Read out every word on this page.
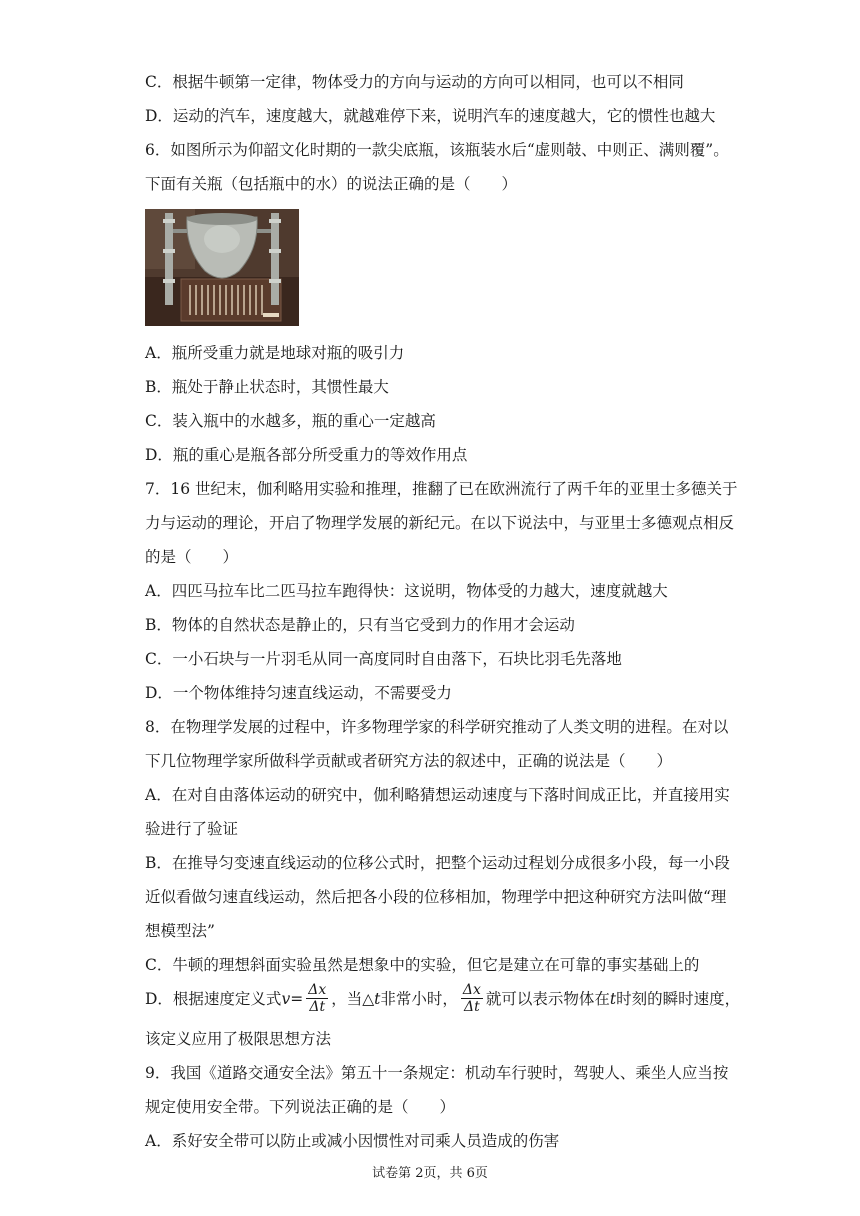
C．根据牛顿第一定律，物体受力的方向与运动的方向可以相同，也可以不相同
D．运动的汽车，速度越大，就越难停下来，说明汽车的速度越大，它的惯性也越大
6．如图所示为仰韶文化时期的一款尖底瓶，该瓶装水后“虚则攲、中则正、满则覆”。
下面有关瓶（包括瓶中的水）的说法正确的是（　　）
A．瓶所受重力就是地球对瓶的吸引力
B．瓶处于静止状态时，其惯性最大
C．装入瓶中的水越多，瓶的重心一定越高
D．瓶的重心是瓶各部分所受重力的等效作用点
7．16 世纪末，伽利略用实验和推理，推翻了已在欧洲流行了两千年的亚里士多德关于
力与运动的理论，开启了物理学发展的新纪元。在以下说法中，与亚里士多德观点相反
的是（　　）
A．四匹马拉车比二匹马拉车跑得快：这说明，物体受的力越大，速度就越大
B．物体的自然状态是静止的，只有当它受到力的作用才会运动
C．一小石块与一片羽毛从同一高度同时自由落下，石块比羽毛先落地
D．一个物体维持匀速直线运动，不需要受力
8．在物理学发展的过程中，许多物理学家的科学研究推动了人类文明的进程。在对以
下几位物理学家所做科学贡献或者研究方法的叙述中，正确的说法是（　　）
A．在对自由落体运动的研究中，伽利略猜想运动速度与下落时间成正比，并直接用实
验进行了验证
B．在推导匀变速直线运动的位移公式时，把整个运动过程划分成很多小段，每一小段
近似看做匀速直线运动，然后把各小段的位移相加，物理学中把这种研究方法叫做“理
想模型法”
C．牛顿的理想斜面实验虽然是想象中的实验，但它是建立在可靠的事实基础上的
D．根据速度定义式 $v = \frac{\Delta x}{\Delta t}$ ，当△ t 非常小时， $\frac{\Delta x}{\Delta t}$ 就可以表示物体在 t 时刻的瞬时速度，
该定义应用了极限思想方法
9．我国《道路交通安全法》第五十一条规定：机动车行驶时，驾驶人、乘坐人应当按
规定使用安全带。下列说法正确的是（　　）
A．系好安全带可以防止或减小因惯性对司乘人员造成的伤害
试卷第 2页，共 6页
